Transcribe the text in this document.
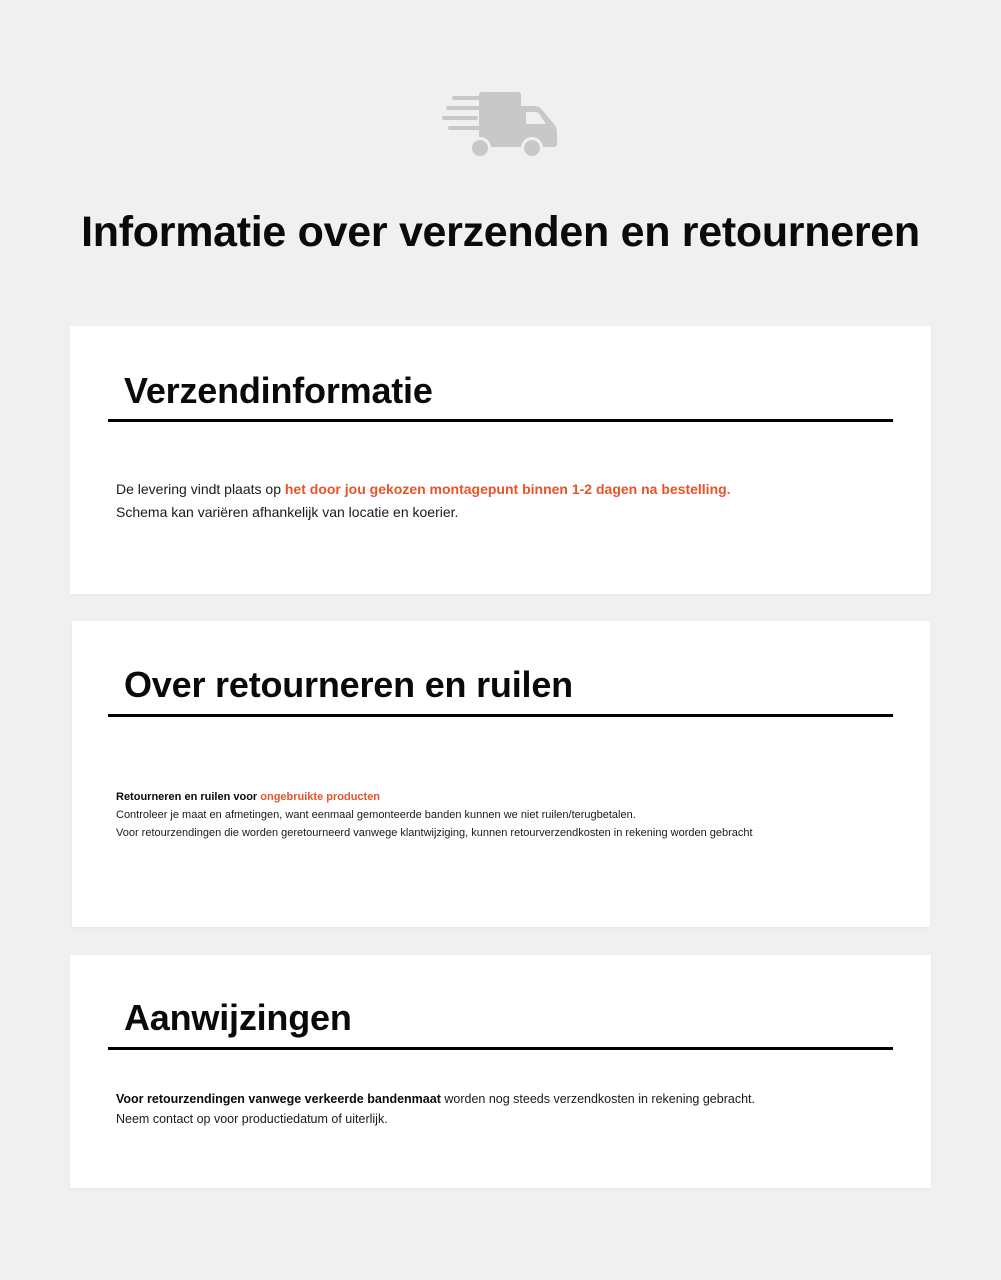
Informatie over verzenden en retourneren
Verzendinformatie

De levering vindt plaats op het door jou gekozen montagepunt binnen 1-2 dagen na bestelling.
Schema kan variëren afhankelijk van locatie en koerier.

Over retourneren en ruilen

Retourneren en ruilen voor ongebruikte producten
Controleer je maat en afmetingen, want eenmaal gemonteerde banden kunnen we niet ruilen/terugbetalen.
Voor retourzendingen die worden geretourneerd vanwege klantwijziging, kunnen retourverzendkosten in rekening worden gebracht

Aanwijzingen

Voor retourzendingen vanwege verkeerde bandenmaat worden nog steeds verzendkosten in rekening gebracht.
Neem contact op voor productiedatum of uiterlijk.
